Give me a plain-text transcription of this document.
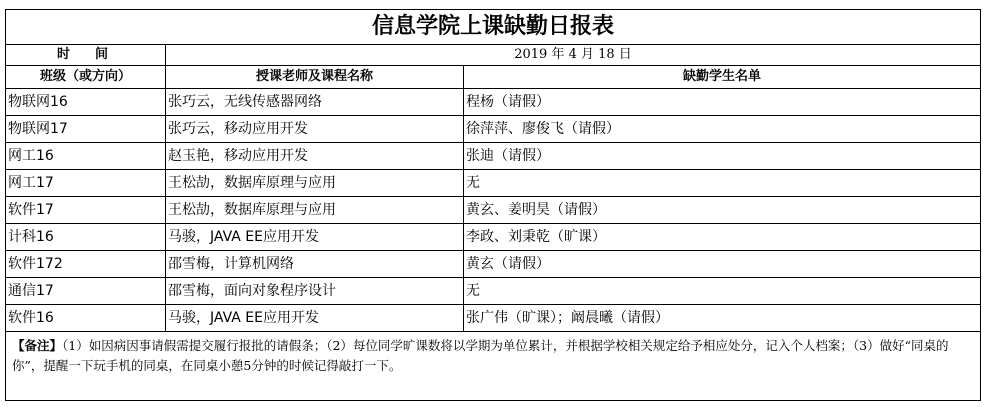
信息学院上课缺勤日报表		
时　间	2019 年 4 月 18 日	
班级（或方向）	授课老师及课程名称	缺勤学生名单
物联网16	张巧云，无线传感器网络	程杨（请假）
物联网17	张巧云，移动应用开发	徐萍萍、廖俊飞（请假）
网工16	赵玉艳，移动应用开发	张迪（请假）
网工17	王松劼，数据库原理与应用	无
软件17	王松劼，数据库原理与应用	黄玄、姜明昊（请假）
计科16	马骏，JAVA EE应用开发	李政、刘秉乾（旷课）
软件172	邵雪梅，计算机网络	黄玄（请假）
通信17	邵雪梅，面向对象程序设计	无
软件16	马骏，JAVA EE应用开发	张广伟（旷课）；阚晨曦（请假）
【备注】（1）如因病因事请假需提交履行报批的请假条；（2）每位同学旷课数将以学期为单位累计，并根据学校相关规定给予相应处分，记入个人档案；（3）做好“同桌的你”，提醒一下玩手机的同桌，在同桌小憩5分钟的时候记得敲打一下。		
